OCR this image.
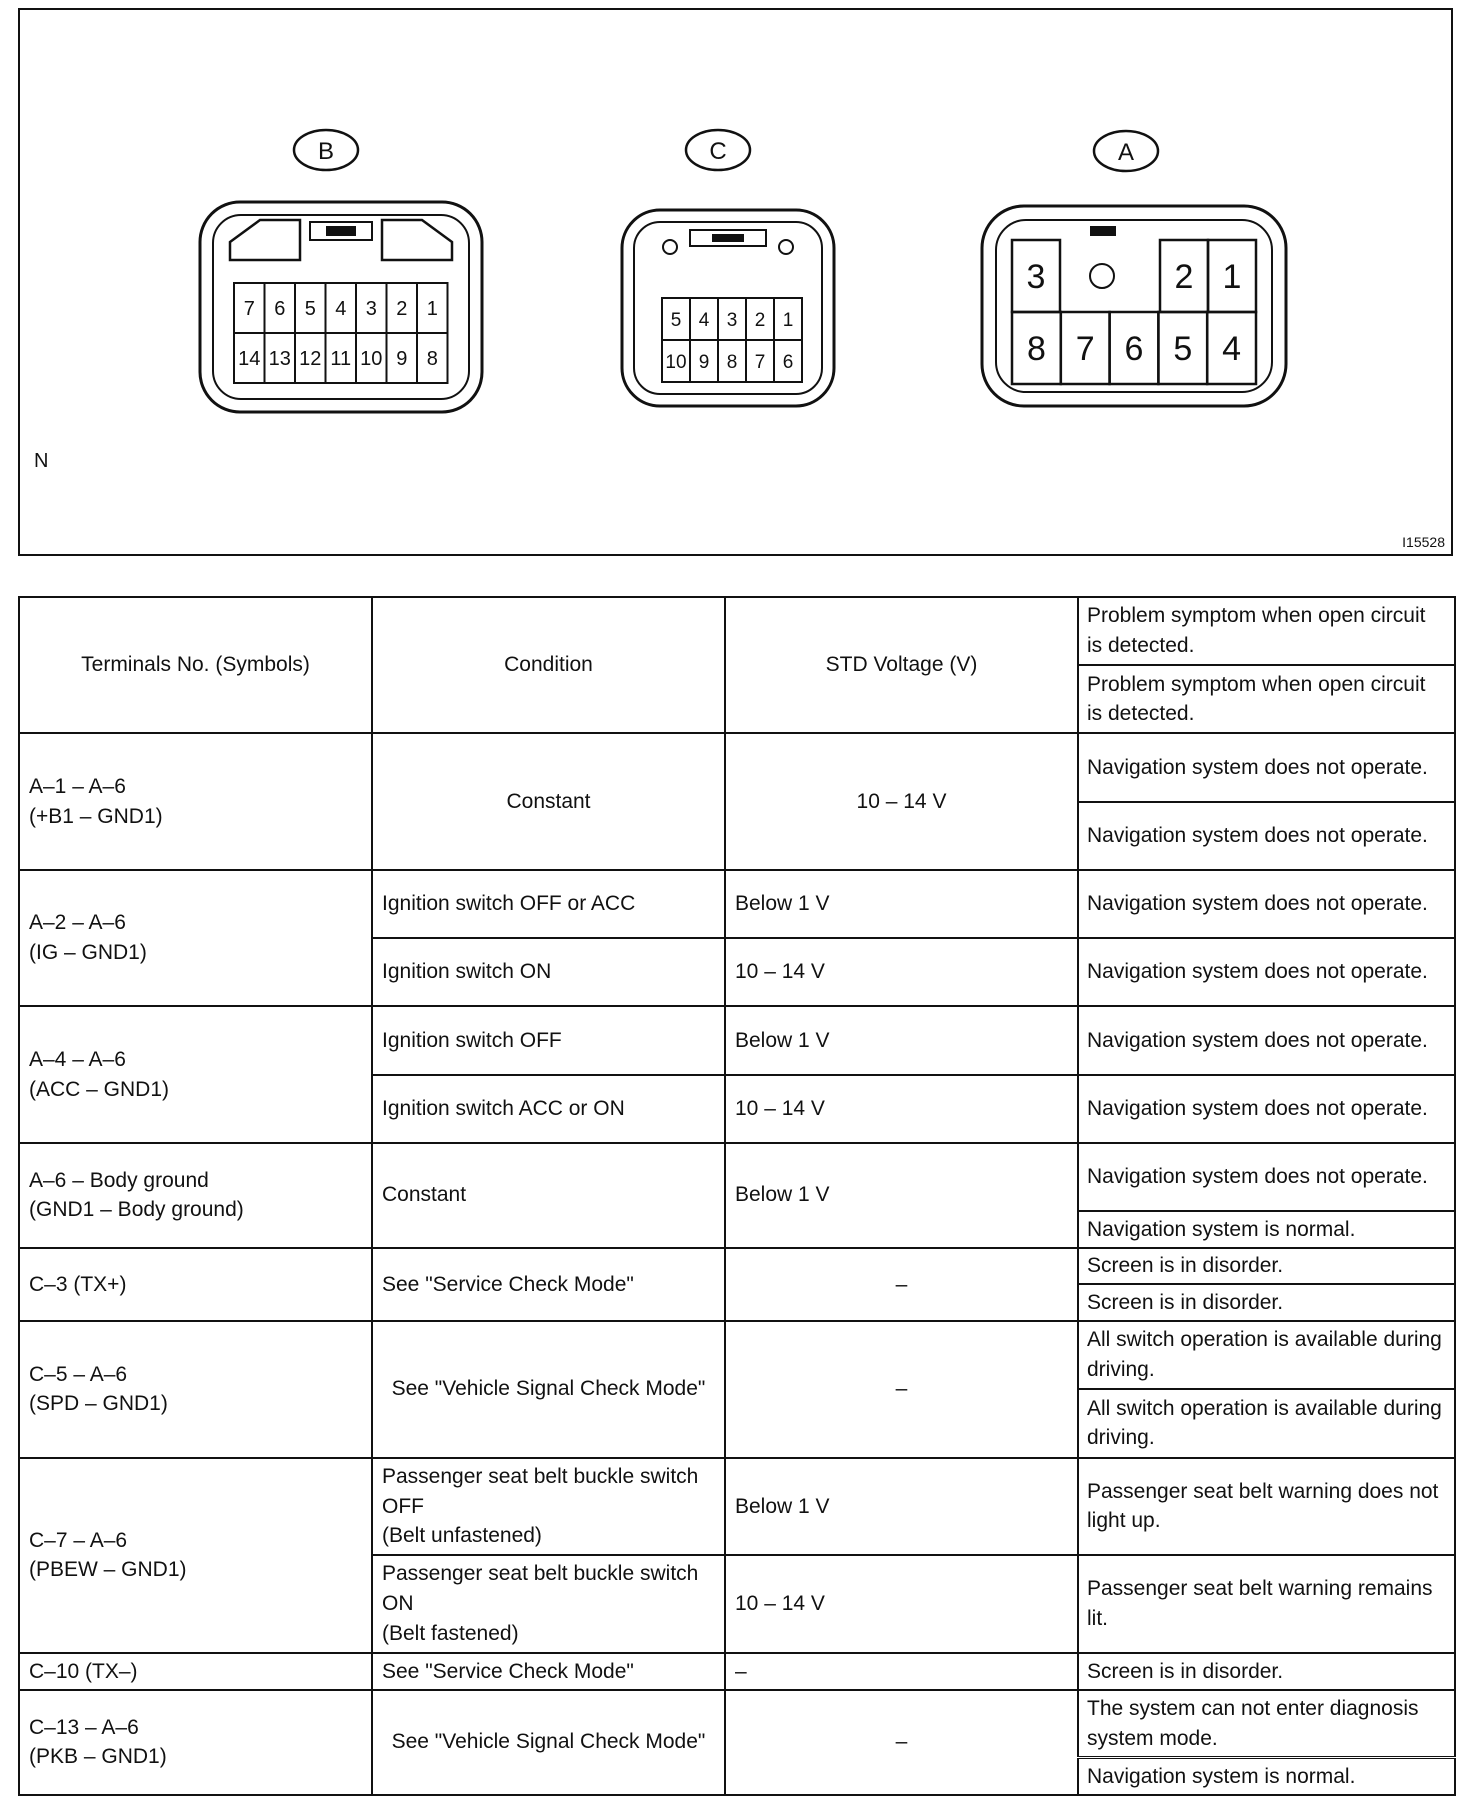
B
7 6 5 4 3 2 1
14 13 12 11 10 9 8
C
5 4 3 2 1
10 9 8 7 6
A
3	2 1
8 7 6 5 4
N
I15528
Terminals No. (Symbols)	Condition	STD Voltage (V)	Problem symptom when open circuit is detected.
			Problem symptom when open circuit is detected.
A–1 – A–6
(+B1 – GND1)	Constant	10 – 14 V	Navigation system does not operate.
			Navigation system does not operate.
A–2 – A–6
(IG – GND1)	Ignition switch OFF or ACC	Below 1 V	Navigation system does not operate.
	Ignition switch ON	10 – 14 V	Navigation system does not operate.
A–4 – A–6
(ACC – GND1)	Ignition switch OFF	Below 1 V	Navigation system does not operate.
	Ignition switch ACC or ON	10 – 14 V	Navigation system does not operate.
A–6 – Body ground
(GND1 – Body ground)	Constant	Below 1 V	Navigation system does not operate.
			Navigation system is normal.
C–3 (TX+)	See "Service Check Mode"	–	Screen is in disorder.
			Screen is in disorder.
C–5 – A–6
(SPD – GND1)	See "Vehicle Signal Check Mode"	–	All switch operation is available during driving.
			All switch operation is available during driving.
C–7 – A–6
(PBEW – GND1)	Passenger seat belt buckle switch OFF
(Belt unfastened)	Below 1 V	Passenger seat belt warning does not light up.
	Passenger seat belt buckle switch ON
(Belt fastened)	10 – 14 V	Passenger seat belt warning remains lit.
C–10 (TX–)	See "Service Check Mode"	–	Screen is in disorder.
C–13 – A–6
(PKB – GND1)	See "Vehicle Signal Check Mode"	–	The system can not enter diagnosis system mode.
			Navigation system is normal.
